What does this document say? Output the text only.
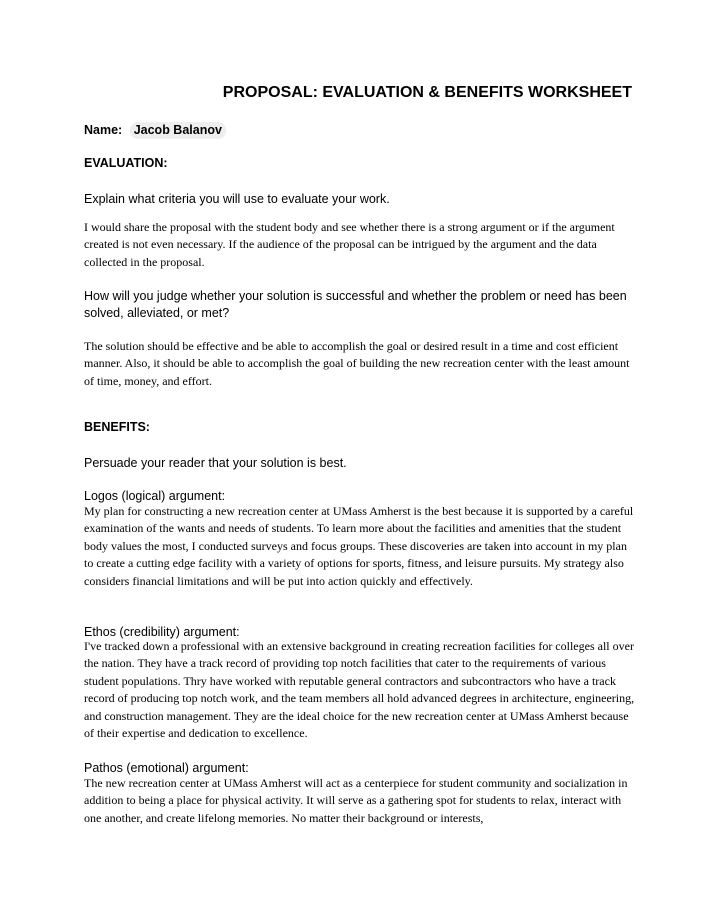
PROPOSAL: EVALUATION & BENEFITS WORKSHEET
Name: Jacob Balanov
EVALUATION:
Explain what criteria you will use to evaluate your work.
I would share the proposal with the student body and see whether there is a strong argument or if the argument created is not even necessary. If the audience of the proposal can be intrigued by the argument and the data collected in the proposal.
How will you judge whether your solution is successful and whether the problem or need has been solved, alleviated, or met?
The solution should be effective and be able to accomplish the goal or desired result in a time and cost efficient manner. Also, it should be able to accomplish the goal of building the new recreation center with the least amount of time, money, and effort.
BENEFITS:
Persuade your reader that your solution is best.
Logos (logical) argument:
My plan for constructing a new recreation center at UMass Amherst is the best because it is supported by a careful examination of the wants and needs of students. To learn more about the facilities and amenities that the student body values the most, I conducted surveys and focus groups. These discoveries are taken into account in my plan to create a cutting edge facility with a variety of options for sports, fitness, and leisure pursuits. My strategy also considers financial limitations and will be put into action quickly and effectively.
Ethos (credibility) argument:
I've tracked down a professional with an extensive background in creating recreation facilities for colleges all over the nation. They have a track record of providing top notch facilities that cater to the requirements of various student populations. Thry have worked with reputable general contractors and subcontractors who have a track record of producing top notch work, and the team members all hold advanced degrees in architecture, engineering, and construction management. They are the ideal choice for the new recreation center at UMass Amherst because of their expertise and dedication to excellence.
Pathos (emotional) argument:
The new recreation center at UMass Amherst will act as a centerpiece for student community and socialization in addition to being a place for physical activity. It will serve as a gathering spot for students to relax, interact with one another, and create lifelong memories. No matter their background or interests,
